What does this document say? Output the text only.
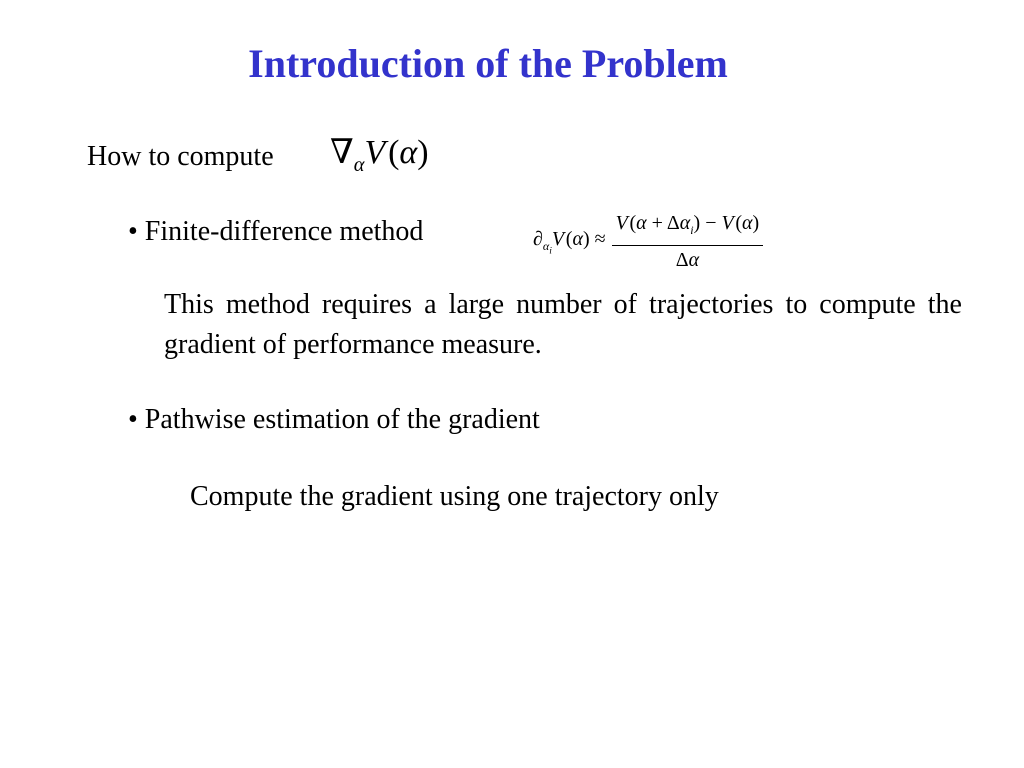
Introduction of the Problem
How to compute $\nabla_\alpha V$ (α)
• Finite-difference method	$\partial_{\alpha_i}V$ $(\alpha) \approx \frac{V (\alpha + \Delta\alpha_i) - V (\alpha)}{\Delta\alpha}$
This method requires a large number of trajectories to compute the gradient of performance measure.
• Pathwise estimation of the gradient
Compute the gradient using one trajectory only
